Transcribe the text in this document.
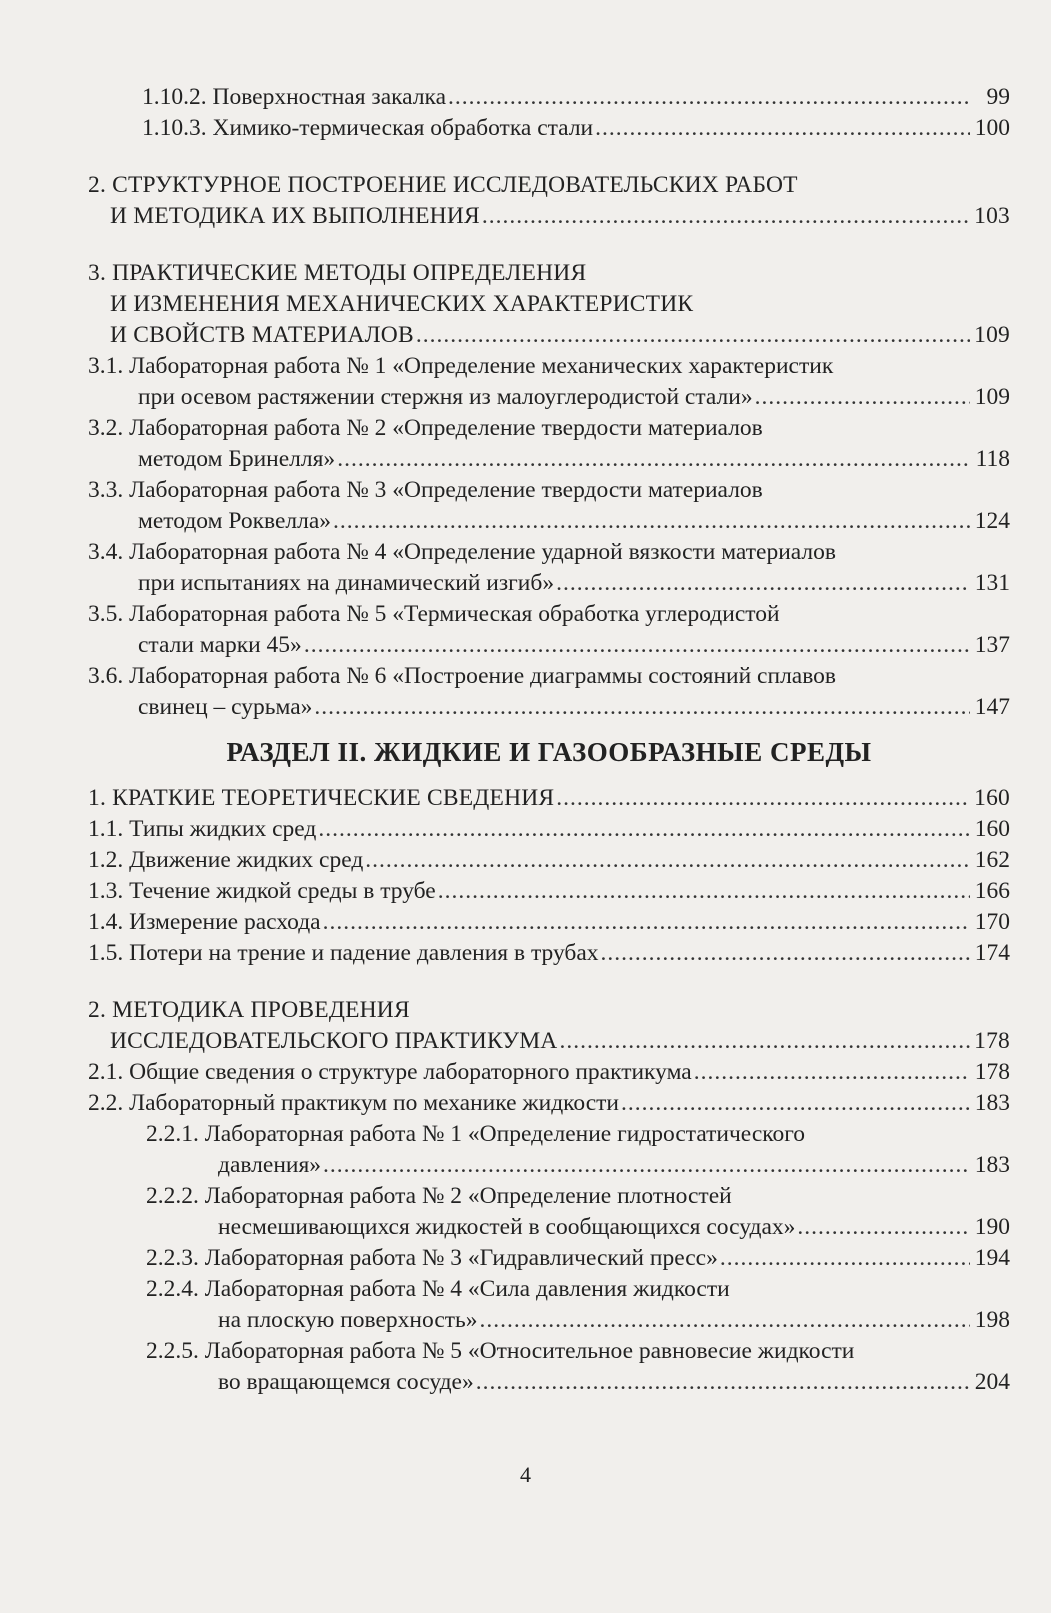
1.10.2. Поверхностная закалка .....	99
1.10.3. Химико-термическая обработка стали .....	100
2. СТРУКТУРНОЕ ПОСТРОЕНИЕ ИССЛЕДОВАТЕЛЬСКИХ РАБОТ
И МЕТОДИКА ИХ ВЫПОЛНЕНИЯ .....	103
3. ПРАКТИЧЕСКИЕ МЕТОДЫ ОПРЕДЕЛЕНИЯ
И ИЗМЕНЕНИЯ МЕХАНИЧЕСКИХ ХАРАКТЕРИСТИК
И СВОЙСТВ МАТЕРИАЛОВ .....	109
3.1. Лабораторная работа № 1 «Определение механических характеристик
при осевом растяжении стержня из малоуглеродистой стали» .....	109
3.2. Лабораторная работа № 2 «Определение твердости материалов
методом Бринелля» .....	118
3.3. Лабораторная работа № 3 «Определение твердости материалов
методом Роквелла» .....	124
3.4. Лабораторная работа № 4 «Определение ударной вязкости материалов
при испытаниях на динамический изгиб» .....	131
3.5. Лабораторная работа № 5 «Термическая обработка углеродистой
стали марки 45» .....	137
3.6. Лабораторная работа № 6 «Построение диаграммы состояний сплавов
свинец – сурьма» .....	147
РАЗДЕЛ II. ЖИДКИЕ И ГАЗООБРАЗНЫЕ СРЕДЫ
1. КРАТКИЕ ТЕОРЕТИЧЕСКИЕ СВЕДЕНИЯ .....	160
1.1. Типы жидких сред .....	160
1.2. Движение жидких сред .....	162
1.3. Течение жидкой среды в трубе .....	166
1.4. Измерение расхода .....	170
1.5. Потери на трение и падение давления в трубах .....	174
2. МЕТОДИКА ПРОВЕДЕНИЯ
ИССЛЕДОВАТЕЛЬСКОГО ПРАКТИКУМА .....	178
2.1. Общие сведения о структуре лабораторного практикума .....	178
2.2. Лабораторный практикум по механике жидкости .....	183
2.2.1. Лабораторная работа № 1 «Определение гидростатического
давления» .....	183
2.2.2. Лабораторная работа № 2 «Определение плотностей
несмешивающихся жидкостей в сообщающихся сосудах» .....	190
2.2.3. Лабораторная работа № 3 «Гидравлический пресс» .....	194
2.2.4. Лабораторная работа № 4 «Сила давления жидкости
на плоскую поверхность» .....	198
2.2.5. Лабораторная работа № 5 «Относительное равновесие жидкости
во вращающемся сосуде» .....	204
4
